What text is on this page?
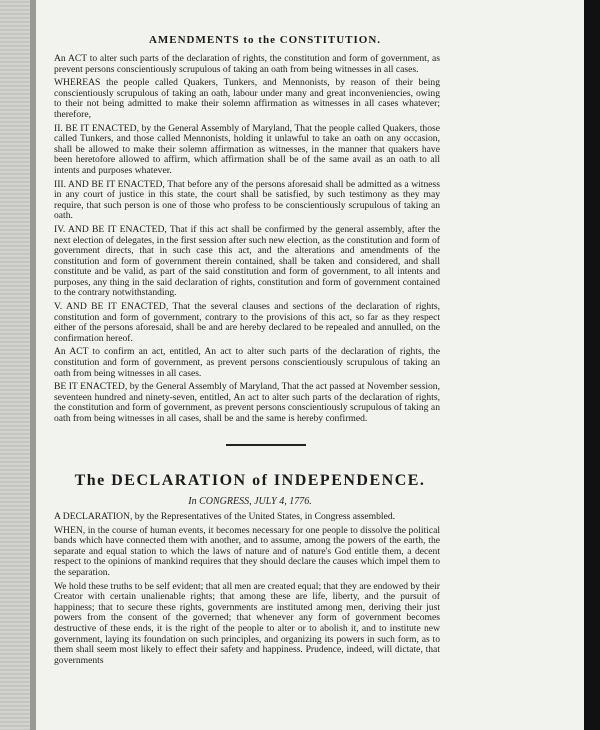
AMENDMENTS to the CONSTITUTION.

An ACT to alter such parts of the declaration of rights, the constitution and form of government, as prevent persons conscientiously scrupulous of taking an oath from being witnesses in all cases.

WHEREAS the people called Quakers, Tunkers, and Mennonists, by reason of their being conscientiously scrupulous of taking an oath, labour under many and great inconveniencies, owing to their not being admitted to make their solemn affirmation as witnesses in all cases whatever; therefore,

II. BE IT ENACTED, by the General Assembly of Maryland, That the people called Quakers, those called Tunkers, and those called Mennonists, holding it unlawful to take an oath on any occasion, shall be allowed to make their solemn affirmation as witnesses, in the manner that quakers have been heretofore allowed to affirm, which affirmation shall be of the same avail as an oath to all intents and purposes whatever.

III. AND BE IT ENACTED, That before any of the persons aforesaid shall be admitted as a witness in any court of justice in this state, the court shall be satisfied, by such testimony as they may require, that such person is one of those who profess to be conscientiously scrupulous of taking an oath.

IV. AND BE IT ENACTED, That if this act shall be confirmed by the general assembly, after the next election of delegates, in the first session after such new election, as the constitution and form of government directs, that in such case this act, and the alterations and amendments of the constitution and form of government therein contained, shall be taken and considered, and shall constitute and be valid, as part of the said constitution and form of government, to all intents and purposes, any thing in the said declaration of rights, constitution and form of government contained to the contrary notwithstanding.

V. AND BE IT ENACTED, That the several clauses and sections of the declaration of rights, constitution and form of government, contrary to the provisions of this act, so far as they respect either of the persons aforesaid, shall be and are hereby declared to be repealed and annulled, on the confirmation hereof.

An ACT to confirm an act, entitled, An act to alter such parts of the declaration of rights, the constitution and form of government, as prevent persons conscientiously scrupulous of taking an oath from being witnesses in all cases.

BE IT ENACTED, by the General Assembly of Maryland, That the act passed at November session, seventeen hundred and ninety-seven, entitled, An act to alter such parts of the declaration of rights, the constitution and form of government, as prevent persons conscientiously scrupulous of taking an oath from being witnesses in all cases, shall be and the same is hereby confirmed.

The DECLARATION of INDEPENDENCE.
In CONGRESS, JULY 4, 1776.

A DECLARATION, by the Representatives of the United States, in Congress assembled.

WHEN, in the course of human events, it becomes necessary for one people to dissolve the political bands which have connected them with another, and to assume, among the powers of the earth, the separate and equal station to which the laws of nature and of nature's God entitle them, a decent respect to the opinions of mankind requires that they should declare the causes which impel them to the separation.

We hold these truths to be self evident; that all men are created equal; that they are endowed by their Creator with certain unalienable rights; that among these are life, liberty, and the pursuit of happiness; that to secure these rights, governments are instituted among men, deriving their just powers from the consent of the governed; that whenever any form of government becomes destructive of these ends, it is the right of the people to alter or to abolish it, and to institute new government, laying its foundation on such principles, and organizing its powers in such form, as to them shall seem most likely to effect their safety and happiness. Prudence, indeed, will dictate, that governments
